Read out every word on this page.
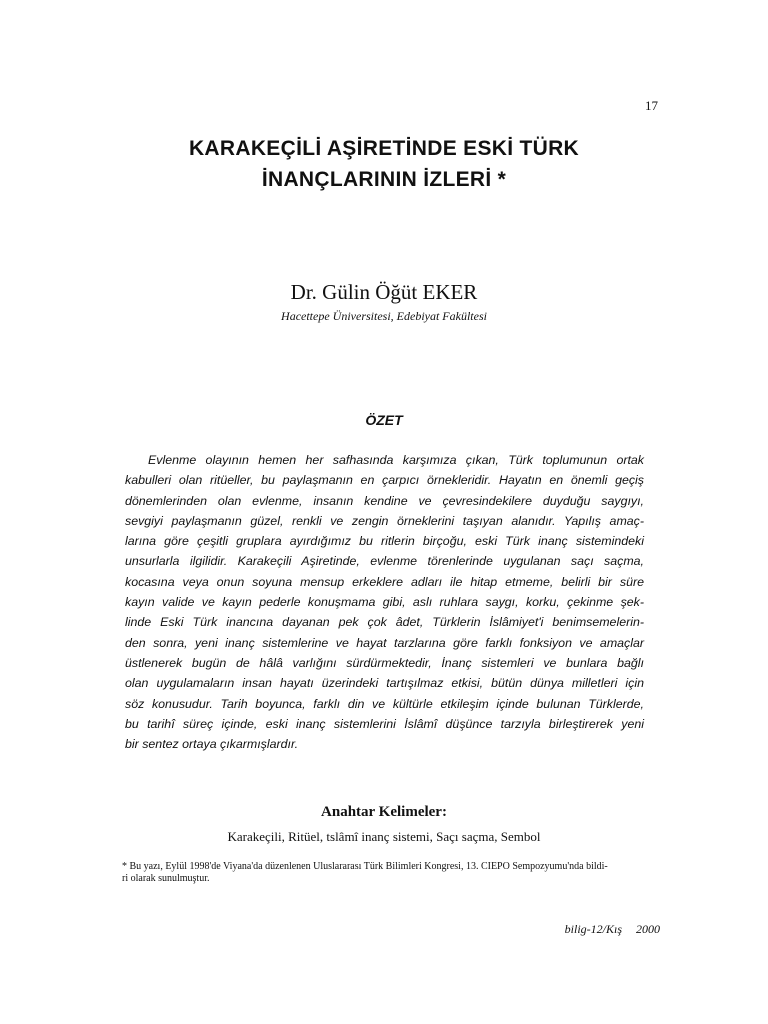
17
KARAKEÇİLİ AŞİRETİNDE ESKİ TÜRK
İNANÇLARININ İZLERİ *
Dr. Gülin Öğüt EKER
Hacettepe Üniversitesi, Edebiyat Fakültesi
ÖZET
Evlenme olayının hemen her safhasında karşımıza çıkan, Türk toplumunun ortak
kabulleri olan ritüeller, bu paylaşmanın en çarpıcı örnekleridir. Hayatın en önemli geçiş
dönemlerinden olan evlenme, insanın kendine ve çevresindekilere duyduğu saygıyı,
sevgiyi paylaşmanın güzel, renkli ve zengin örneklerini taşıyan alanıdır. Yapılış amaç-
larına göre çeşitli gruplara ayırdığımız bu ritlerin birçoğu, eski Türk inanç sistemindeki
unsurlarla ilgilidir. Karakeçili Aşiretinde, evlenme törenlerinde uygulanan saçı saçma,
kocasına veya onun soyuna mensup erkeklere adları ile hitap etmeme, belirli bir süre
kayın valide ve kayın pederle konuşmama gibi, aslı ruhlara saygı, korku, çekinme şek-
linde Eski Türk inancına dayanan pek çok âdet, Türklerin İslâmiyet'i benimsemelerin-
den sonra, yeni inanç sistemlerine ve hayat tarzlarına göre farklı fonksiyon ve amaçlar
üstlenerek bugün de hâlâ varlığını sürdürmektedir, İnanç sistemleri ve bunlara bağlı
olan uygulamaların insan hayatı üzerindeki tartışılmaz etkisi, bütün dünya milletleri için
söz konusudur. Tarih boyunca, farklı din ve kültürle etkileşim içinde bulunan Türklerde,
bu tarihî süreç içinde, eski inanç sistemlerini İslâmî düşünce tarzıyla birleştirerek yeni
bir sentez ortaya çıkarmışlardır.
Anahtar Kelimeler:
Karakeçili, Ritüel, tslâmî inanç sistemi, Saçı saçma, Sembol
* Bu yazı, Eylül 1998'de Viyana'da düzenlenen Uluslararası Türk Bilimleri Kongresi, 13. CIEPO Sempozyumu'nda bildi-
ri olarak sunulmuştur.
bilig-12/Kış 2000
